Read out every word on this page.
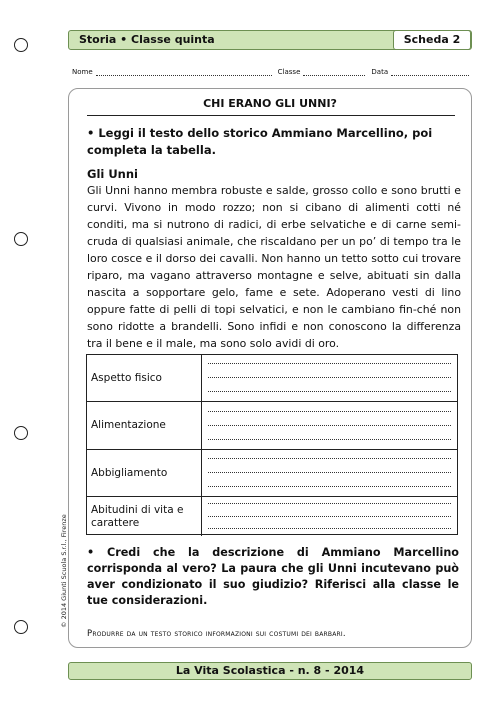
Storia • Classe quinta	Scheda 2
Nome	Classe	Data
CHI ERANO GLI UNNI?
• Leggi il testo dello storico Ammiano Marcellino, poi completa la tabella.
Gli Unni
Gli Unni hanno membra robuste e salde, grosso collo e sono brutti e curvi. Vivono in modo rozzo; non si cibano di alimenti cotti né conditi, ma si nutrono di radici, di erbe selvatiche e di carne semi-cruda di qualsiasi animale, che riscaldano per un po’ di tempo tra le loro cosce e il dorso dei cavalli. Non hanno un tetto sotto cui trovare riparo, ma vagano attraverso montagne e selve, abituati sin dalla nascita a sopportare gelo, fame e sete. Adoperano vesti di lino oppure fatte di pelli di topi selvatici, e non le cambiano fin-ché non sono ridotte a brandelli. Sono infidi e non conoscono la differenza tra il bene e il male, ma sono solo avidi di oro.
Aspetto fisico
Alimentazione
Abbigliamento
Abitudini di vita e carattere
• Credi che la descrizione di Ammiano Marcellino corrisponda al vero? La paura che gli Unni incutevano può aver condizionato il suo giudizio? Riferisci alla classe le tue considerazioni.
Produrre da un testo storico informazioni sui costumi dei barbari.
© 2014 Giunti Scuola S.r.l., Firenze
La Vita Scolastica - n. 8 - 2014
